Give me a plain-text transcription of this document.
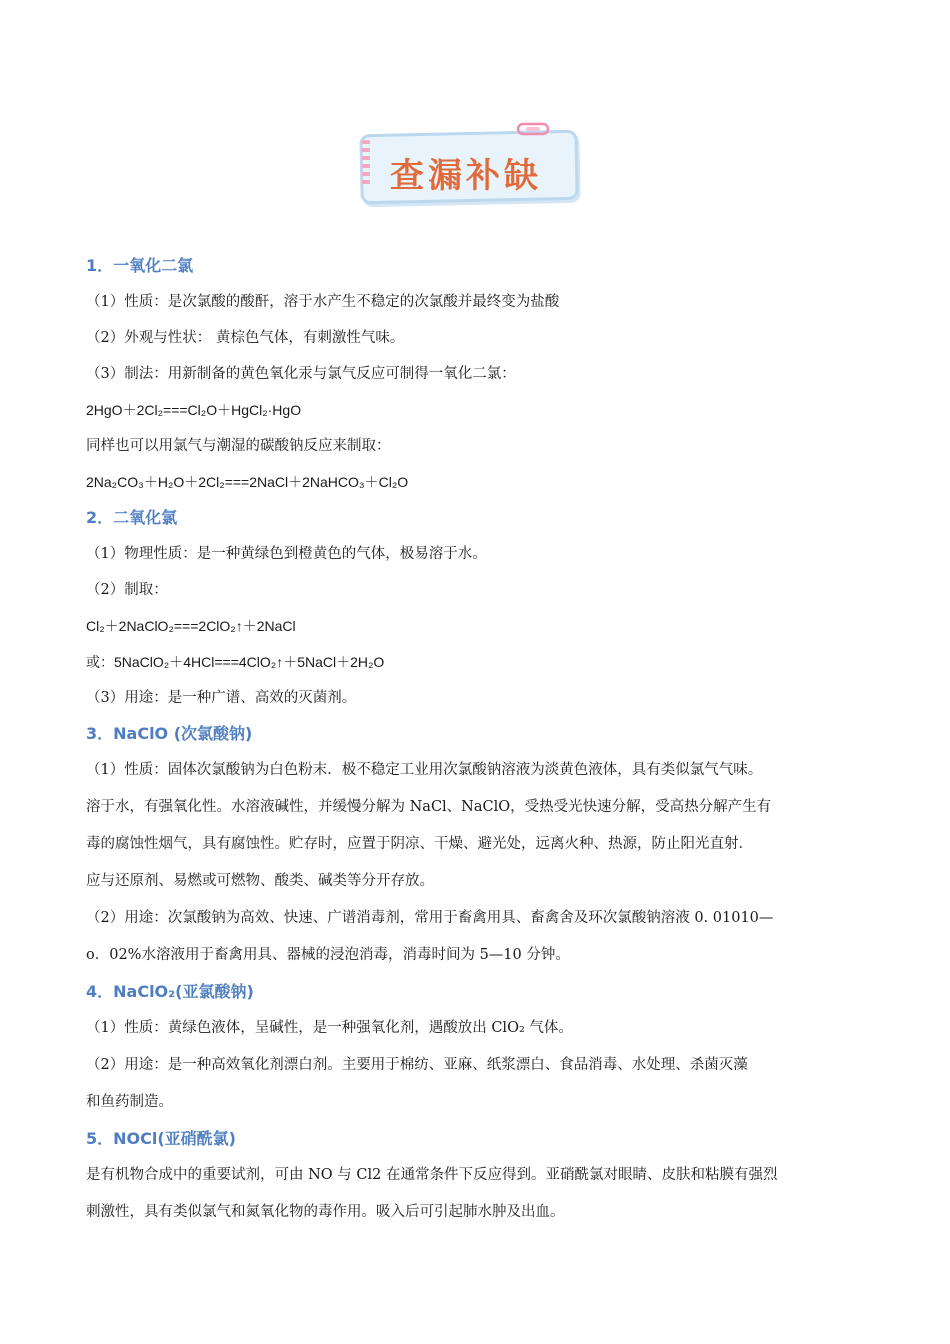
查漏补缺

1．一氧化二氯

（1）性质：是次氯酸的酸酐，溶于水产生不稳定的次氯酸并最终变为盐酸

（2）外观与性状： 黄棕色气体，有刺激性气味。

（3）制法：用新制备的黄色氧化汞与氯气反应可制得一氧化二氯：

2HgO＋2Cl₂===Cl₂O＋HgCl₂·HgO

同样也可以用氯气与潮湿的碳酸钠反应来制取：

2Na₂CO₃＋H₂O＋2Cl₂===2NaCl＋2NaHCO₃＋Cl₂O

2．二氧化氯

（1）物理性质：是一种黄绿色到橙黄色的气体，极易溶于水。

（2）制取：

Cl₂＋2NaClO₂===2ClO₂↑＋2NaCl

或：5NaClO₂＋4HCl===4ClO₂↑＋5NaCl＋2H₂O

（3）用途：是一种广谱、高效的灭菌剂。

3．NaClO (次氯酸钠)

（1）性质：固体次氯酸钠为白色粉末．极不稳定工业用次氯酸钠溶液为淡黄色液体，具有类似氯气气味。

溶于水，有强氧化性。水溶液碱性，并缓慢分解为 NaCl、NaClO，受热受光快速分解，受高热分解产生有

毒的腐蚀性烟气，具有腐蚀性。贮存时，应置于阴凉、干燥、避光处，远离火种、热源，防止阳光直射．

应与还原剂、易燃或可燃物、酸类、碱类等分开存放。

（2）用途：次氯酸钠为高效、快速、广谱消毒剂，常用于畜禽用具、畜禽舍及环次氯酸钠溶液 0. 01010—

o．02%水溶液用于畜禽用具、器械的浸泡消毒，消毒时间为 5—10 分钟。

4．NaClO₂(亚氯酸钠)

（1）性质：黄绿色液体，呈碱性，是一种强氧化剂，遇酸放出 ClO₂ 气体。

（2）用途：是一种高效氧化剂漂白剂。主要用于棉纺、亚麻、纸浆漂白、食品消毒、水处理、杀菌灭藻

和鱼药制造。

5．NOCl(亚硝酰氯)

是有机物合成中的重要试剂，可由 NO 与 Cl2 在通常条件下反应得到。亚硝酰氯对眼睛、皮肤和粘膜有强烈

刺激性，具有类似氯气和氮氧化物的毒作用。吸入后可引起肺水肿及出血。
